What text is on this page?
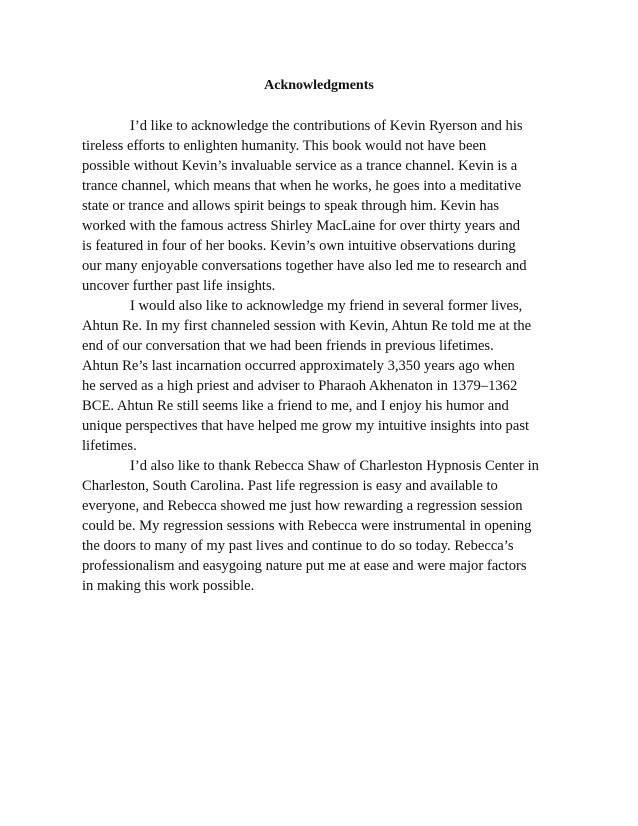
Acknowledgments

I’d like to acknowledge the contributions of Kevin Ryerson and his

tireless efforts to enlighten humanity. This book would not have been

possible without Kevin’s invaluable service as a trance channel. Kevin is a

trance channel, which means that when he works, he goes into a meditative

state or trance and allows spirit beings to speak through him. Kevin has

worked with the famous actress Shirley MacLaine for over thirty years and

is featured in four of her books. Kevin’s own intuitive observations during

our many enjoyable conversations together have also led me to research and

uncover further past life insights.

I would also like to acknowledge my friend in several former lives,

Ahtun Re. In my first channeled session with Kevin, Ahtun Re told me at the

end of our conversation that we had been friends in previous lifetimes.

Ahtun Re’s last incarnation occurred approximately 3,350 years ago when

he served as a high priest and adviser to Pharaoh Akhenaton in 1379–1362

BCE. Ahtun Re still seems like a friend to me, and I enjoy his humor and

unique perspectives that have helped me grow my intuitive insights into past

lifetimes.

I’d also like to thank Rebecca Shaw of Charleston Hypnosis Center in

Charleston, South Carolina. Past life regression is easy and available to

everyone, and Rebecca showed me just how rewarding a regression session

could be. My regression sessions with Rebecca were instrumental in opening

the doors to many of my past lives and continue to do so today. Rebecca’s

professionalism and easygoing nature put me at ease and were major factors

in making this work possible.
